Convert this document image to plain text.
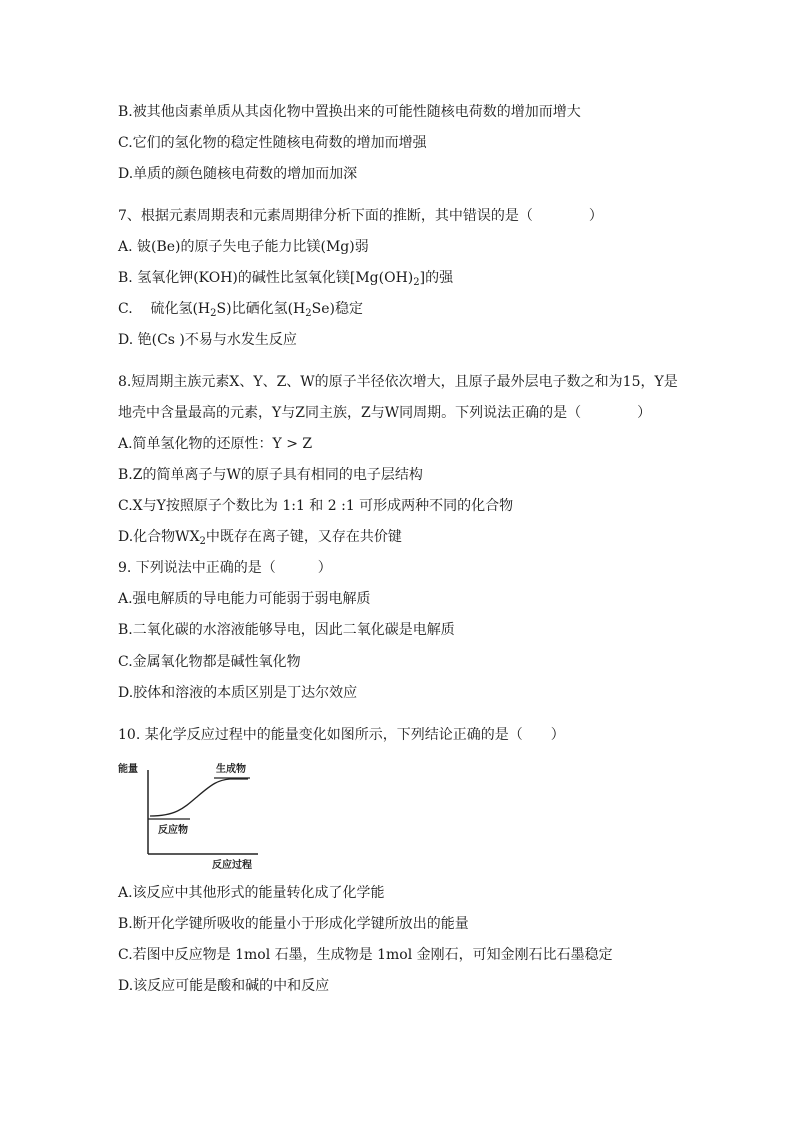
B.被其他卤素单质从其卤化物中置换出来的可能性随核电荷数的增加而增大
C.它们的氢化物的稳定性随核电荷数的增加而增强
D.单质的颜色随核电荷数的增加而加深
7、根据元素周期表和元素周期律分析下面的推断，其中错误的是（　　　　）
A. 铍(Be)的原子失电子能力比镁(Mg)弱
B. 氢氧化钾(KOH)的碱性比氢氧化镁$[Mg(OH)_2]$的强
C.    硫化氢$(H_2S)$比硒化氢$(H_2Se)$稳定
D. 铯(Cs )不易与水发生反应
8.短周期主族元素X、Y、Z、W的原子半径依次增大，且原子最外层电子数之和为15，Y是
地壳中含量最高的元素，Y与Z同主族，Z与W同周期。下列说法正确的是（　　　　）
A.简单氢化物的还原性：Y > Z
B.Z的简单离子与W的原子具有相同的电子层结构
C.X与Y按照原子个数比为 1:1 和 2 :1 可形成两种不同的化合物
D.化合物$WX_2$中既存在离子键，又存在共价键
9. 下列说法中正确的是（　　　）
A.强电解质的导电能力可能弱于弱电解质
B.二氧化碳的水溶液能够导电，因此二氧化碳是电解质
C.金属氧化物都是碱性氧化物
D.胶体和溶液的本质区别是丁达尔效应
10. 某化学反应过程中的能量变化如图所示，下列结论正确的是（　　）
能量	生成物
反应物
反应过程
A.该反应中其他形式的能量转化成了化学能
B.断开化学键所吸收的能量小于形成化学键所放出的能量
C.若图中反应物是 1mol 石墨，生成物是 1mol 金刚石，可知金刚石比石墨稳定
D.该反应可能是酸和碱的中和反应
